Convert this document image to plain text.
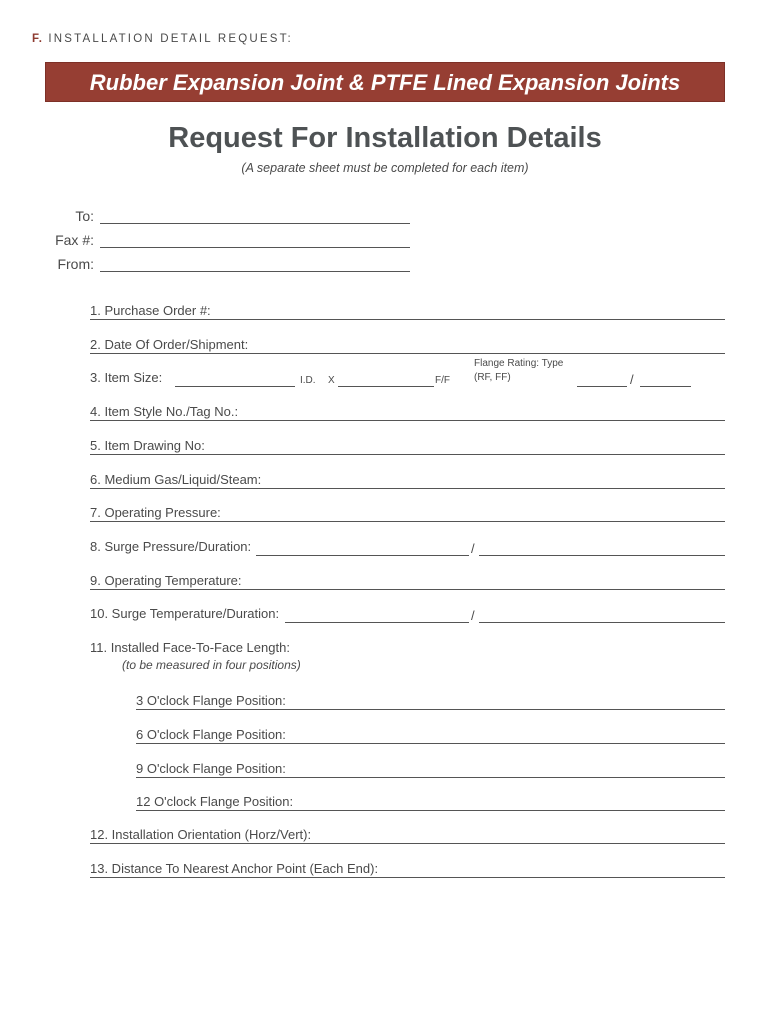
F. INSTALLATION DETAIL REQUEST:
Rubber Expansion Joint & PTFE Lined Expansion Joints
Request For Installation Details
(A separate sheet must be completed for each item)
To:
Fax #:
From:
1. Purchase Order #:
2. Date Of Order/Shipment:
3. Item Size:	I.D. X	F/F
Flange Rating: Type
(RF, FF)	/
4. Item Style No./Tag No.:
5. Item Drawing No:
6. Medium Gas/Liquid/Steam:
7. Operating Pressure:
8. Surge Pressure/Duration:	/
9. Operating Temperature:
10. Surge Temperature/Duration:	/
11. Installed Face-To-Face Length:
(to be measured in four positions)
3 O'clock Flange Position:
6 O'clock Flange Position:
9 O'clock Flange Position:
12 O'clock Flange Position:
12. Installation Orientation (Horz/Vert):
13. Distance To Nearest Anchor Point (Each End):
